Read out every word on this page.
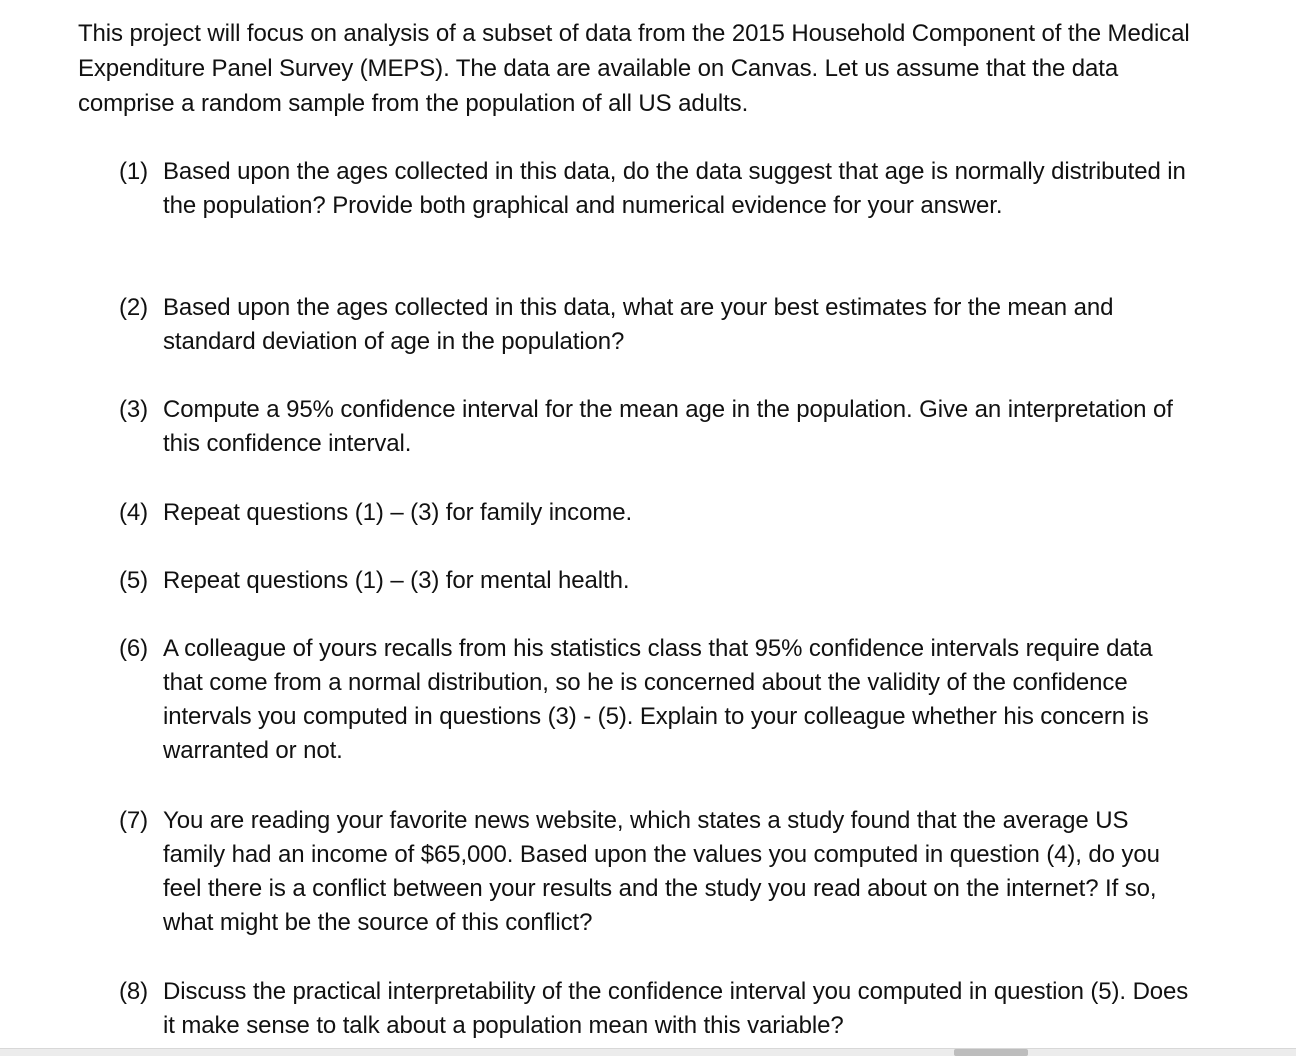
This project will focus on analysis of a subset of data from the 2015 Household Component of the Medical Expenditure Panel Survey (MEPS). The data are available on Canvas. Let us assume that the data comprise a random sample from the population of all US adults.
(1) Based upon the ages collected in this data, do the data suggest that age is normally distributed in the population? Provide both graphical and numerical evidence for your answer.
(2) Based upon the ages collected in this data, what are your best estimates for the mean and standard deviation of age in the population?
(3) Compute a 95% confidence interval for the mean age in the population. Give an interpretation of this confidence interval.
(4) Repeat questions (1) – (3) for family income.
(5) Repeat questions (1) – (3) for mental health.
(6) A colleague of yours recalls from his statistics class that 95% confidence intervals require data that come from a normal distribution, so he is concerned about the validity of the confidence intervals you computed in questions (3) - (5). Explain to your colleague whether his concern is warranted or not.
(7) You are reading your favorite news website, which states a study found that the average US family had an income of $65,000. Based upon the values you computed in question (4), do you feel there is a conflict between your results and the study you read about on the internet? If so, what might be the source of this conflict?
(8) Discuss the practical interpretability of the confidence interval you computed in question (5). Does it make sense to talk about a population mean with this variable?
